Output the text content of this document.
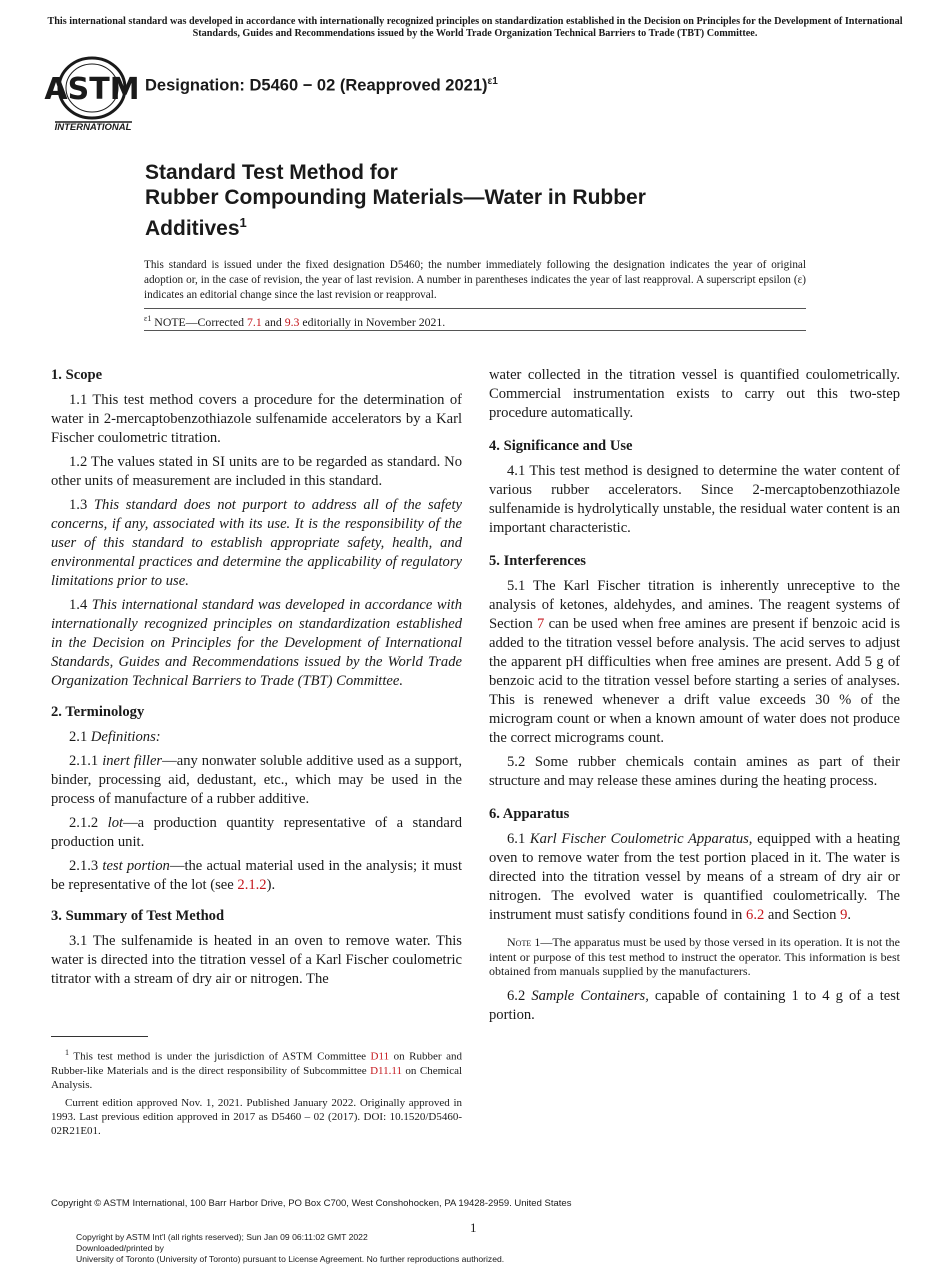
This international standard was developed in accordance with internationally recognized principles on standardization established in the Decision on Principles for the Development of International Standards, Guides and Recommendations issued by the World Trade Organization Technical Barriers to Trade (TBT) Committee.
ASTM
INTERNATIONAL
Designation: D5460 − 02 (Reapproved 2021)$^{\varepsilon 1}$
Standard Test Method for
Rubber Compounding Materials—Water in Rubber
Additives$^1$
This standard is issued under the fixed designation D5460; the number immediately following the designation indicates the year of original adoption or, in the case of revision, the year of last revision. A number in parentheses indicates the year of last reapproval. A superscript epsilon (ε) indicates an editorial change since the last revision or reapproval.
$^{\varepsilon 1}$ NOTE—Corrected 7.1 and 9.3 editorially in November 2021.
1. Scope

1.1 This test method covers a procedure for the determination of water in 2-mercaptobenzothiazole sulfenamide accelerators by a Karl Fischer coulometric titration.

1.2 The values stated in SI units are to be regarded as standard. No other units of measurement are included in this standard.

1.3 This standard does not purport to address all of the safety concerns, if any, associated with its use. It is the responsibility of the user of this standard to establish appropriate safety, health, and environmental practices and determine the applicability of regulatory limitations prior to use.

1.4 This international standard was developed in accordance with internationally recognized principles on standardization established in the Decision on Principles for the Development of International Standards, Guides and Recommendations issued by the World Trade Organization Technical Barriers to Trade (TBT) Committee.

2. Terminology

2.1 Definitions:

2.1.1 inert filler—any nonwater soluble additive used as a support, binder, processing aid, dedustant, etc., which may be used in the process of manufacture of a rubber additive.

2.1.2 lot—a production quantity representative of a standard production unit.

2.1.3 test portion—the actual material used in the analysis; it must be representative of the lot (see 2.1.2).

3. Summary of Test Method

3.1 The sulfenamide is heated in an oven to remove water. This water is directed into the titration vessel of a Karl Fischer coulometric titrator with a stream of dry air or nitrogen. The

$^1$ This test method is under the jurisdiction of ASTM Committee D11 on Rubber and Rubber-like Materials and is the direct responsibility of Subcommittee D11.11 on Chemical Analysis.

Current edition approved Nov. 1, 2021. Published January 2022. Originally approved in 1993. Last previous edition approved in 2017 as D5460 – 02 (2017). DOI: 10.1520/D5460-02R21E01.

water collected in the titration vessel is quantified coulometrically. Commercial instrumentation exists to carry out this two-step procedure automatically.

4. Significance and Use

4.1 This test method is designed to determine the water content of various rubber accelerators. Since 2-mercaptobenzothiazole sulfenamide is hydrolytically unstable, the residual water content is an important characteristic.

5. Interferences

5.1 The Karl Fischer titration is inherently unreceptive to the analysis of ketones, aldehydes, and amines. The reagent systems of Section 7 can be used when free amines are present if benzoic acid is added to the titration vessel before analysis. The acid serves to adjust the apparent pH difficulties when free amines are present. Add 5 g of benzoic acid to the titration vessel before starting a series of analyses. This is renewed whenever a drift value exceeds 30 % of the microgram count or when a known amount of water does not produce the correct micrograms count.

5.2 Some rubber chemicals contain amines as part of their structure and may release these amines during the heating process.

6. Apparatus

6.1 Karl Fischer Coulometric Apparatus, equipped with a heating oven to remove water from the test portion placed in it. The water is directed into the titration vessel by means of a stream of dry air or nitrogen. The evolved water is quantified coulometrically. The instrument must satisfy conditions found in 6.2 and Section 9.

Note 1—The apparatus must be used by those versed in its operation. It is not the intent or purpose of this test method to instruct the operator. This information is best obtained from manuals supplied by the manufacturers.

6.2 Sample Containers, capable of containing 1 to 4 g of a test portion.

Copyright © ASTM International, 100 Barr Harbor Drive, PO Box C700, West Conshohocken, PA 19428-2959. United States
1
Copyright by ASTM Int'l (all rights reserved); Sun Jan 09 06:11:02 GMT 2022
Downloaded/printed by
University of Toronto (University of Toronto) pursuant to License Agreement. No further reproductions authorized.
